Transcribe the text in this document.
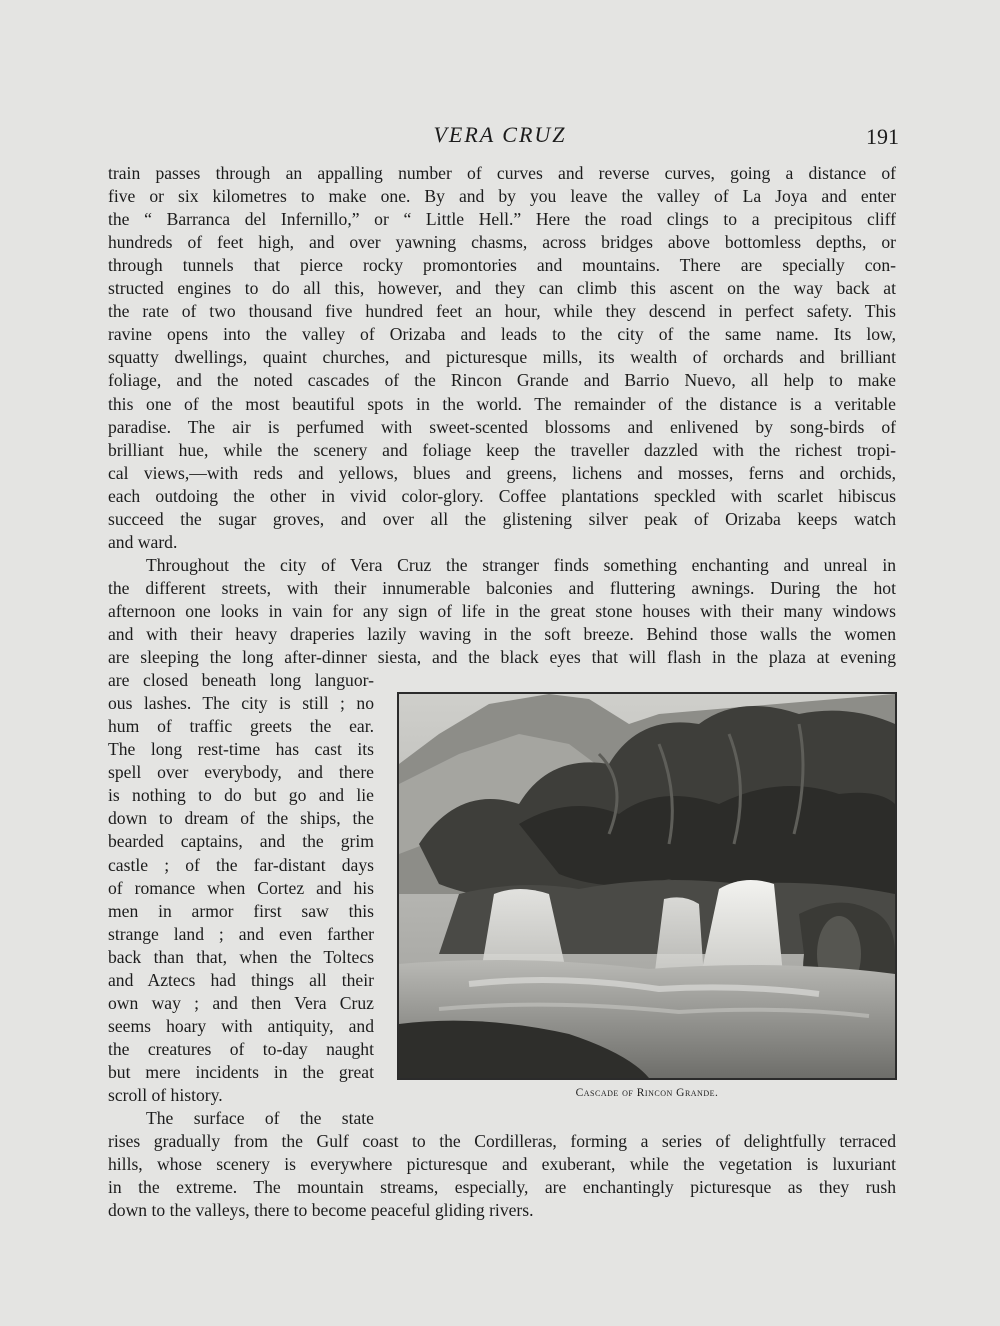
VERA CRUZ	191
train passes through an appalling number of curves and reverse curves, going a distance of
five or six kilometres to make one. By and by you leave the valley of La Joya and enter
the “ Barranca del Infernillo,” or “ Little Hell.” Here the road clings to a precipitous cliff
hundreds of feet high, and over yawning chasms, across bridges above bottomless depths, or
through tunnels that pierce rocky promontories and mountains. There are specially con-
structed engines to do all this, however, and they can climb this ascent on the way back at
the rate of two thousand five hundred feet an hour, while they descend in perfect safety. This
ravine opens into the valley of Orizaba and leads to the city of the same name. Its low,
squatty dwellings, quaint churches, and picturesque mills, its wealth of orchards and brilliant
foliage, and the noted cascades of the Rincon Grande and Barrio Nuevo, all help to make
this one of the most beautiful spots in the world. The remainder of the distance is a veritable
paradise. The air is perfumed with sweet-scented blossoms and enlivened by song-birds of
brilliant hue, while the scenery and foliage keep the traveller dazzled with the richest tropi-
cal views,—with reds and yellows, blues and greens, lichens and mosses, ferns and orchids,
each outdoing the other in vivid color-glory. Coffee plantations speckled with scarlet hibiscus
succeed the sugar groves, and over all the glistening silver peak of Orizaba keeps watch
and ward.
Throughout the city of Vera Cruz the stranger finds something enchanting and unreal in
the different streets, with their innumerable balconies and fluttering awnings. During the hot
afternoon one looks in vain for any sign of life in the great stone houses with their many windows
and with their heavy draperies lazily waving in the soft breeze. Behind those walls the women
are sleeping the long after-dinner siesta, and the black eyes that will flash in the plaza at evening
are closed beneath long languor-
ous lashes. The city is still ; no
hum of traffic greets the ear.
The long rest-time has cast its
spell over everybody, and there
is nothing to do but go and lie
down to dream of the ships, the
bearded captains, and the grim
castle ; of the far-distant days
of romance when Cortez and his
men in armor first saw this
strange land ; and even farther
back than that, when the Toltecs
and Aztecs had things all their
own way ; and then Vera Cruz
seems hoary with antiquity, and
the creatures of to-day naught
but mere incidents in the great
scroll of history.
The surface of the state
rises gradually from the Gulf coast to the Cordilleras, forming a series of delightfully terraced
hills, whose scenery is everywhere picturesque and exuberant, while the vegetation is luxuriant
in the extreme. The mountain streams, especially, are enchantingly picturesque as they rush
down to the valleys, there to become peaceful gliding rivers.
Cascade of Rincon Grande.
